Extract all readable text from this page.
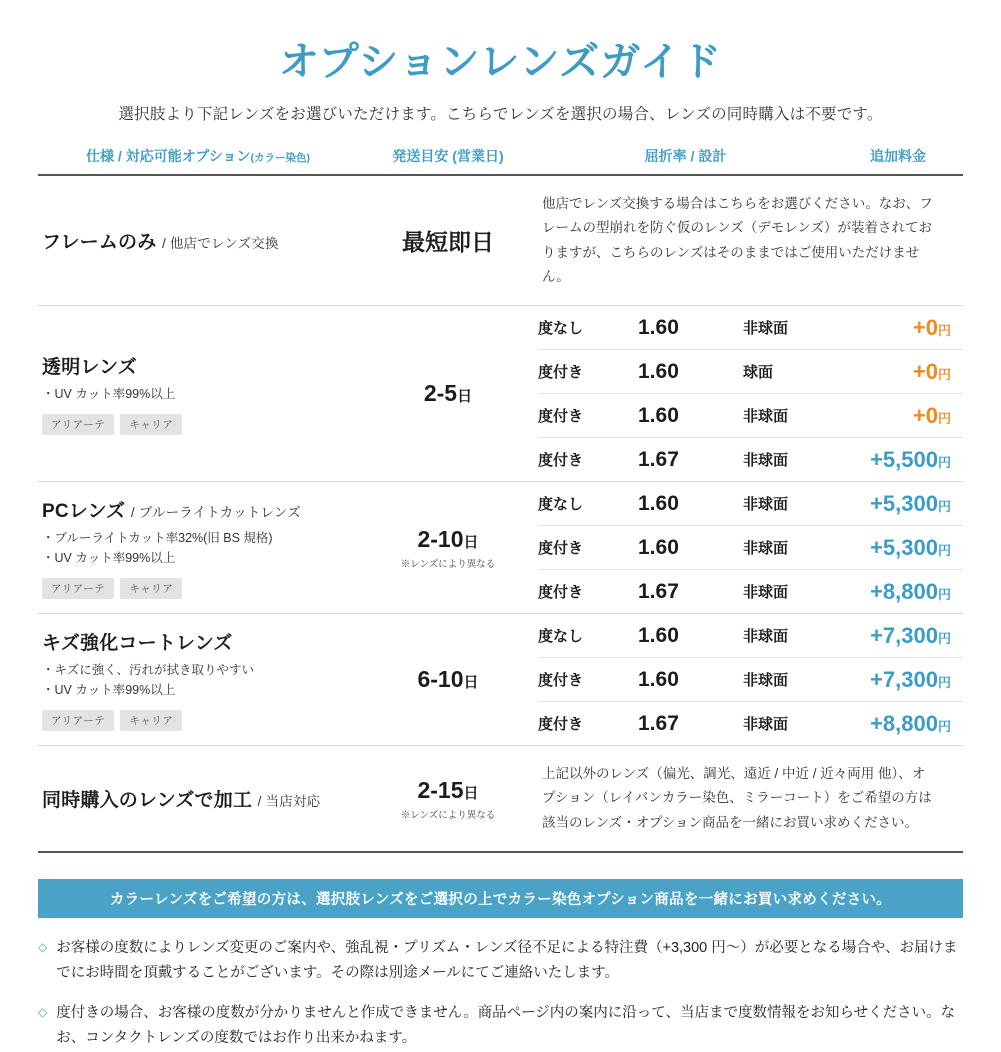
オプションレンズガイド
選択肢より下記レンズをお選びいただけます。こちらでレンズを選択の場合、レンズの同時購入は不要です。
仕様 / 対応可能オプション(カラー染色)	発送目安 (営業日)	屈折率 / 設計	追加料金
フレームのみ / 他店でレンズ交換	最短即日
他店でレンズ交換する場合はこちらをお選びください。なお、フレームの型崩れを防ぐ仮のレンズ（デモレンズ）が装着されておりますが、こちらのレンズはそのままではご使用いただけません。
透明レンズ
・UV カット率99%以上
アリアーテ	キャリア
2-5日
度なし	1.60	非球面	+0円
度付き	1.60	球面	+0円
度付き	1.60	非球面	+0円
度付き	1.67	非球面	+5,500円
PCレンズ / ブルーライトカットレンズ
・ブルーライトカット率32%(旧 BS 規格)
・UV カット率99%以上
アリアーテ	キャリア
2-10日
※レンズにより異なる
度なし	1.60	非球面	+5,300円
度付き	1.60	非球面	+5,300円
度付き	1.67	非球面	+8,800円
キズ強化コートレンズ
・キズに強く、汚れが拭き取りやすい
・UV カット率99%以上
アリアーテ	キャリア
6-10日
度なし	1.60	非球面	+7,300円
度付き	1.60	非球面	+7,300円
度付き	1.67	非球面	+8,800円
同時購入のレンズで加工 / 当店対応	2-15日
※レンズにより異なる
上記以外のレンズ（偏光、調光、遠近 / 中近 / 近々両用 他）、オプション（レイバンカラー染色、ミラーコート）をご希望の方は該当のレンズ・オプション商品を一緒にお買い求めください。
カラーレンズをご希望の方は、選択肢レンズをご選択の上でカラー染色オプション商品を一緒にお買い求めください。
◇ お客様の度数によりレンズ変更のご案内や、強乱視・プリズム・レンズ径不足による特注費（+3,300 円〜）が必要となる場合や、お届けまでにお時間を頂戴することがございます。その際は別途メールにてご連絡いたします。
◇ 度付きの場合、お客様の度数が分かりませんと作成できません。商品ページ内の案内に沿って、当店まで度数情報をお知らせください。なお、コンタクトレンズの度数ではお作り出来かねます。
